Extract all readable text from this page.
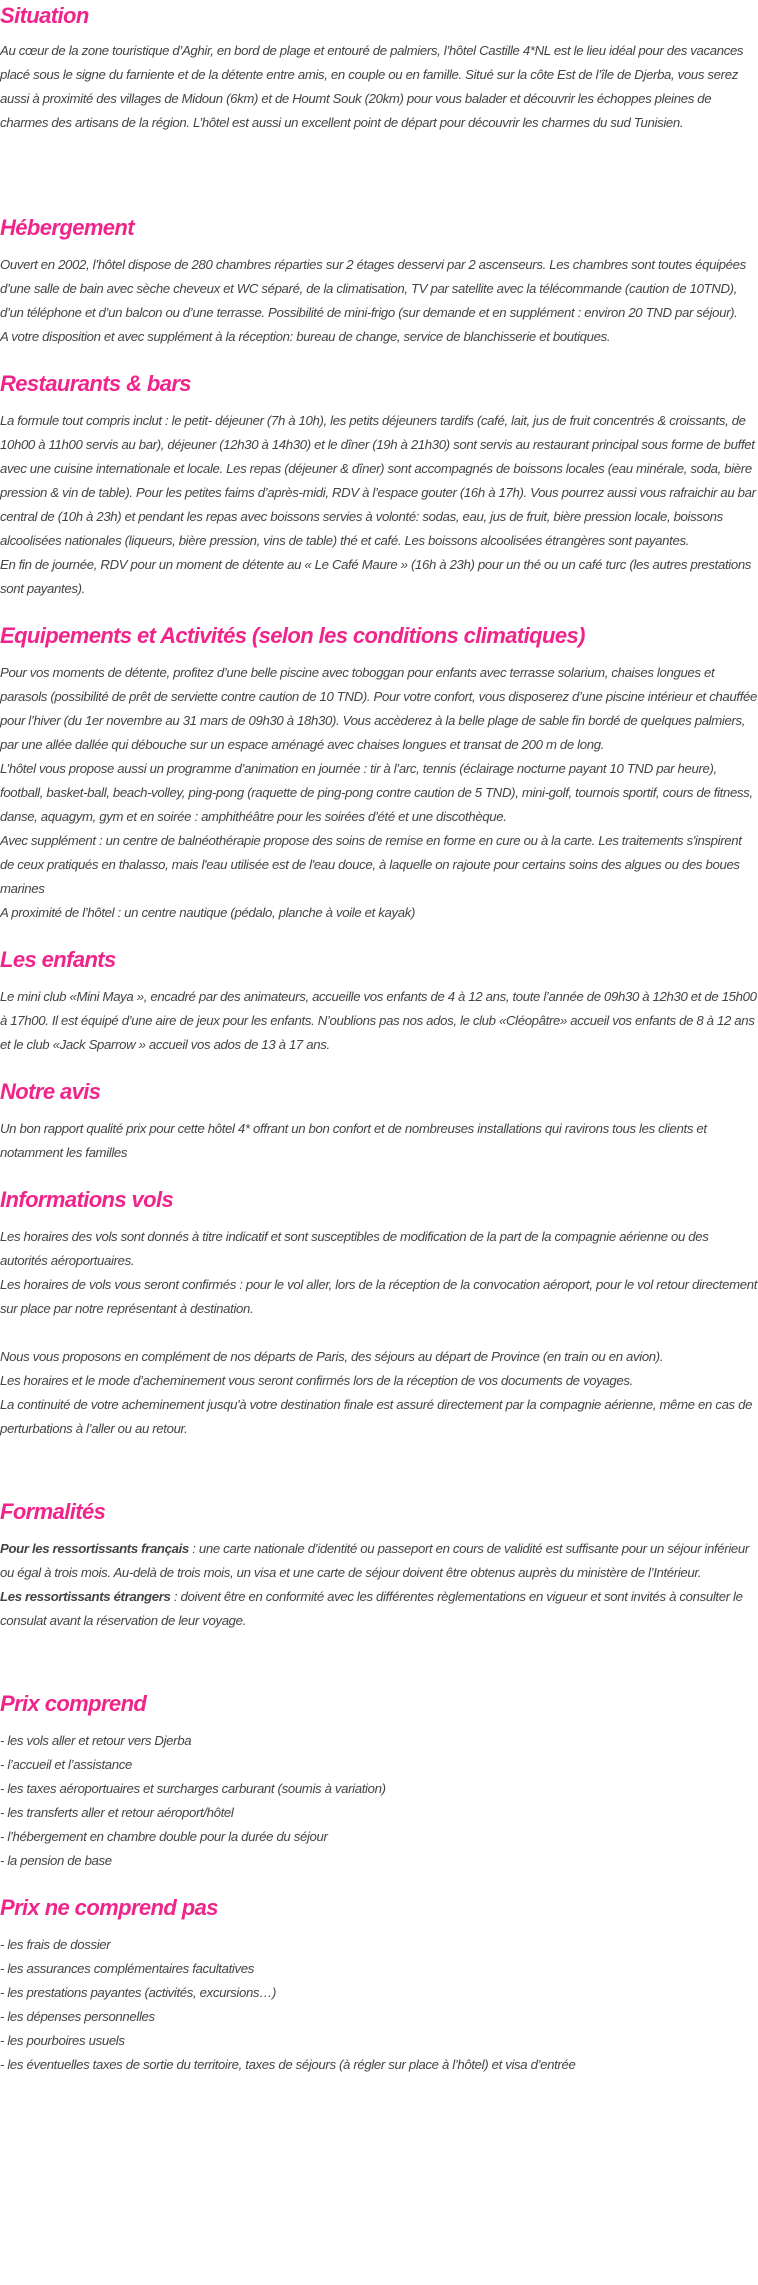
Situation

Au cœur de la zone touristique d’Aghir, en bord de plage et entouré de palmiers, l’hôtel Castille 4*NL est le lieu idéal pour des vacances placé sous le signe du farniente et de la détente entre amis, en couple ou en famille. Situé sur la côte Est de l’île de Djerba, vous serez aussi à proximité des villages de Midoun (6km) et de Houmt Souk (20km) pour vous balader et découvrir les échoppes pleines de charmes des artisans de la région. L’hôtel est aussi un excellent point de départ pour découvrir les charmes du sud Tunisien.

Hébergement

Ouvert en 2002, l’hôtel dispose de 280 chambres réparties sur 2 étages desservi par 2 ascenseurs. Les chambres sont toutes équipées d’une salle de bain avec sèche cheveux et WC séparé, de la climatisation, TV par satellite avec la télécommande (caution de 10TND), d’un téléphone et d’un balcon ou d’une terrasse. Possibilité de mini-frigo (sur demande et en supplément : environ 20 TND par séjour).

A votre disposition et avec supplément à la réception: bureau de change, service de blanchisserie et boutiques.

Restaurants & bars

La formule tout compris inclut : le petit- déjeuner (7h à 10h), les petits déjeuners tardifs (café, lait, jus de fruit concentrés & croissants, de 10h00 à 11h00 servis au bar), déjeuner (12h30 à 14h30) et le dîner (19h à 21h30) sont servis au restaurant principal sous forme de buffet avec une cuisine internationale et locale. Les repas (déjeuner & dîner) sont accompagnés de boissons locales (eau minérale, soda, bière pression & vin de table). Pour les petites faims d’après-midi, RDV à l’espace gouter (16h à 17h). Vous pourrez aussi vous rafraichir au bar central de (10h à 23h) et pendant les repas avec boissons servies à volonté: sodas, eau, jus de fruit, bière pression locale, boissons alcoolisées nationales (liqueurs, bière pression, vins de table) thé et café. Les boissons alcoolisées étrangères sont payantes.

En fin de journée, RDV pour un moment de détente au « Le Café Maure » (16h à 23h) pour un thé ou un café turc (les autres prestations sont payantes).

Equipements et Activités (selon les conditions climatiques)

Pour vos moments de détente, profitez d’une belle piscine avec toboggan pour enfants avec terrasse solarium, chaises longues et parasols (possibilité de prêt de serviette contre caution de 10 TND). Pour votre confort, vous disposerez d’une piscine intérieur et chauffée pour l’hiver (du 1er novembre au 31 mars de 09h30 à 18h30). Vous accèderez à la belle plage de sable fin bordé de quelques palmiers, par une allée dallée qui débouche sur un espace aménagé avec chaises longues et transat de 200 m de long.

L’hôtel vous propose aussi un programme d’animation en journée : tir à l’arc, tennis (éclairage nocturne payant 10 TND par heure), football, basket-ball, beach-volley, ping-pong (raquette de ping-pong contre caution de 5 TND), mini-golf, tournois sportif, cours de fitness, danse, aquagym, gym et en soirée : amphithéâtre pour les soirées d’été et une discothèque.

Avec supplément : un centre de balnéothérapie propose des soins de remise en forme en cure ou à la carte. Les traitements s'inspirent de ceux pratiqués en thalasso, mais l'eau utilisée est de l'eau douce, à laquelle on rajoute pour certains soins des algues ou des boues marines

A proximité de l’hôtel : un centre nautique (pédalo, planche à voile et kayak)

Les enfants

Le mini club «Mini Maya », encadré par des animateurs, accueille vos enfants de 4 à 12 ans, toute l’année de 09h30 à 12h30 et de 15h00 à 17h00. Il est équipé d’une aire de jeux pour les enfants. N’oublions pas nos ados, le club «Cléopâtre» accueil vos enfants de 8 à 12 ans et le club «Jack Sparrow » accueil vos ados de 13 à 17 ans.

Notre avis

Un bon rapport qualité prix pour cette hôtel 4* offrant un bon confort et de nombreuses installations qui ravirons tous les clients et notamment les familles

Informations vols

Les horaires des vols sont donnés à titre indicatif et sont susceptibles de modification de la part de la compagnie aérienne ou des autorités aéroportuaires.

Les horaires de vols vous seront confirmés : pour le vol aller, lors de la réception de la convocation aéroport, pour le vol retour directement sur place par notre représentant à destination.

Nous vous proposons en complément de nos départs de Paris, des séjours au départ de Province (en train ou en avion).

Les horaires et le mode d’acheminement vous seront confirmés lors de la réception de vos documents de voyages.

La continuité de votre acheminement jusqu'à votre destination finale est assuré directement par la compagnie aérienne, même en cas de perturbations à l’aller ou au retour.

Formalités

Pour les ressortissants français : une carte nationale d’identité ou passeport en cours de validité est suffisante pour un séjour inférieur ou égal à trois mois. Au-delà de trois mois, un visa et une carte de séjour doivent être obtenus auprès du ministère de l’Intérieur.

Les ressortissants étrangers : doivent être en conformité avec les différentes règlementations en vigueur et sont invités à consulter le consulat avant la réservation de leur voyage.

Prix comprend

- les vols aller et retour vers Djerba

- l’accueil et l’assistance

- les taxes aéroportuaires et surcharges carburant (soumis à variation)

- les transferts aller et retour aéroport/hôtel

- l’hébergement en chambre double pour la durée du séjour

- la pension de base

Prix ne comprend pas

- les frais de dossier

- les assurances complémentaires facultatives

- les prestations payantes (activités, excursions…)

- les dépenses personnelles

- les pourboires usuels

- les éventuelles taxes de sortie du territoire, taxes de séjours (à régler sur place à l’hôtel) et visa d’entrée
